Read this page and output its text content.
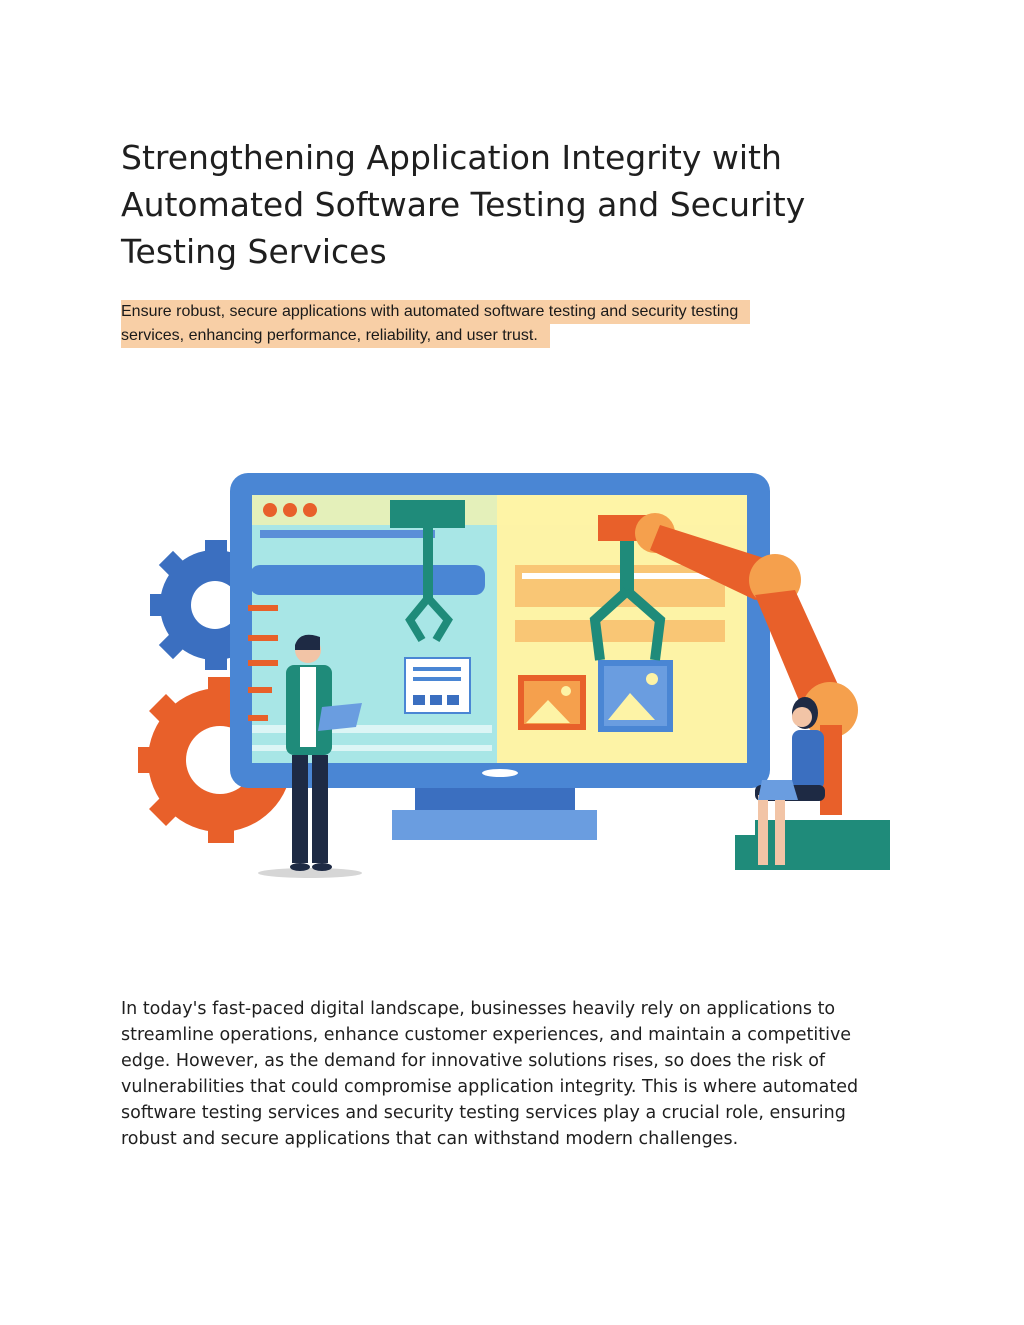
Strengthening Application Integrity with
Automated Software Testing and Security
Testing Services

Ensure robust, secure applications with automated software testing and security testing
services, enhancing performance, reliability, and user trust.

In today's fast-paced digital landscape, businesses heavily rely on applications to
streamline operations, enhance customer experiences, and maintain a competitive
edge. However, as the demand for innovative solutions rises, so does the risk of
vulnerabilities that could compromise application integrity. This is where automated
software testing services and security testing services play a crucial role, ensuring
robust and secure applications that can withstand modern challenges.
